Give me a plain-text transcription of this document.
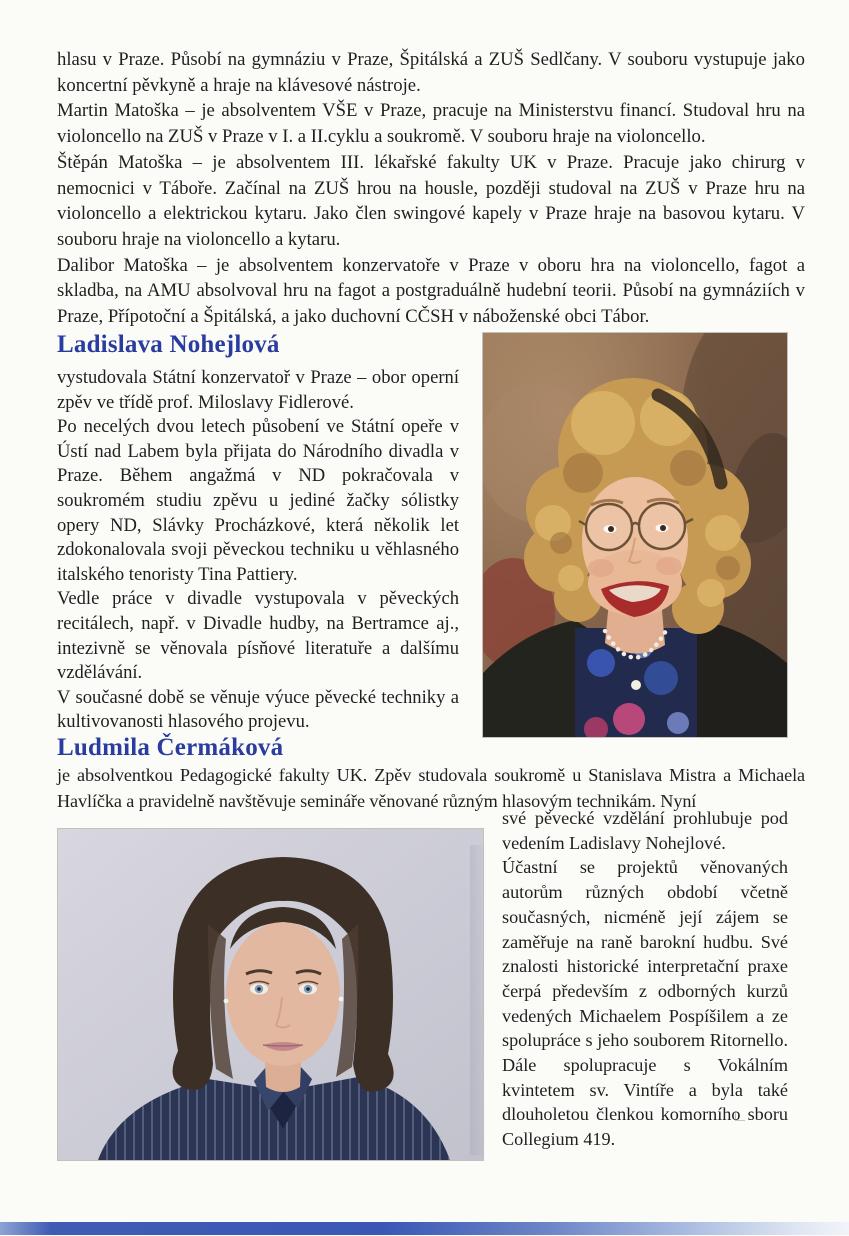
hlasu v Praze. Působí na gymnáziu v Praze, Špitálská a ZUŠ Sedlčany. V souboru vystupuje jako koncertní pěvkyně a hraje na klávesové nástroje.

Martin Matoška – je absolventem VŠE v Praze, pracuje na Ministerstvu financí. Studoval hru na violoncello na ZUŠ v Praze v I. a II.cyklu a soukromě. V souboru hraje na violoncello.

Štěpán Matoška – je absolventem III. lékařské fakulty UK v Praze. Pracuje jako chirurg v nemocnici v Táboře. Začínal na ZUŠ hrou na housle, později studoval na ZUŠ v Praze hru na violoncello a elektrickou kytaru. Jako člen swingové kapely v Praze hraje na basovou kytaru. V souboru hraje na violoncello a kytaru.

Dalibor Matoška – je absolventem konzervatoře v Praze v oboru hra na violoncello, fagot a skladba, na AMU absolvoval hru na fagot a postgraduálně hudební teorii. Působí na gymnáziích v Praze, Přípotoční a Špitálská, a jako duchovní CČSH v náboženské obci Tábor.

Ladislava Nohejlová

vystudovala Státní konzervatoř v Praze – obor operní zpěv ve třídě prof. Miloslavy Fidlerové.

Po necelých dvou letech působení ve Státní opeře v Ústí nad Labem byla přijata do Národního divadla v Praze. Během angažmá v ND pokračovala v soukromém studiu zpěvu u jediné žačky sólistky opery ND, Slávky Procházkové, která několik let zdokonalovala svoji pěveckou techniku u věhlasného italského tenoristy Tina Pattiery.

Vedle práce v divadle vystupovala v pěveckých recitálech, např. v Divadle hudby, na Bertramce aj., intezivně se věnovala písňové literatuře a dalšímu vzdělávání.

V současné době se věnuje výuce pěvecké techniky a kultivovanosti hlasového projevu.

Ludmila Čermáková

je absolventkou Pedagogické fakulty UK. Zpěv studovala soukromě u Stanislava Mistra a Michaela Havlíčka a pravidelně navštěvuje semináře věnované různým hlasovým technikám. Nyní

své pěvecké vzdělání prohlubuje pod vedením Ladislavy Nohejlové.

Účastní se projektů věnovaných autorům různých období včetně současných, nicméně její zájem se zaměřuje na raně barokní hudbu. Své znalosti historické interpretační praxe čerpá především z odborných kurzů vedených Michaelem Pospíšilem a ze spolupráce s jeho souborem Ritornello. Dále spolupracuje s Vokálním kvintetem sv. Vintíře a byla také dlouholetou členkou komorního sboru Collegium 419.
